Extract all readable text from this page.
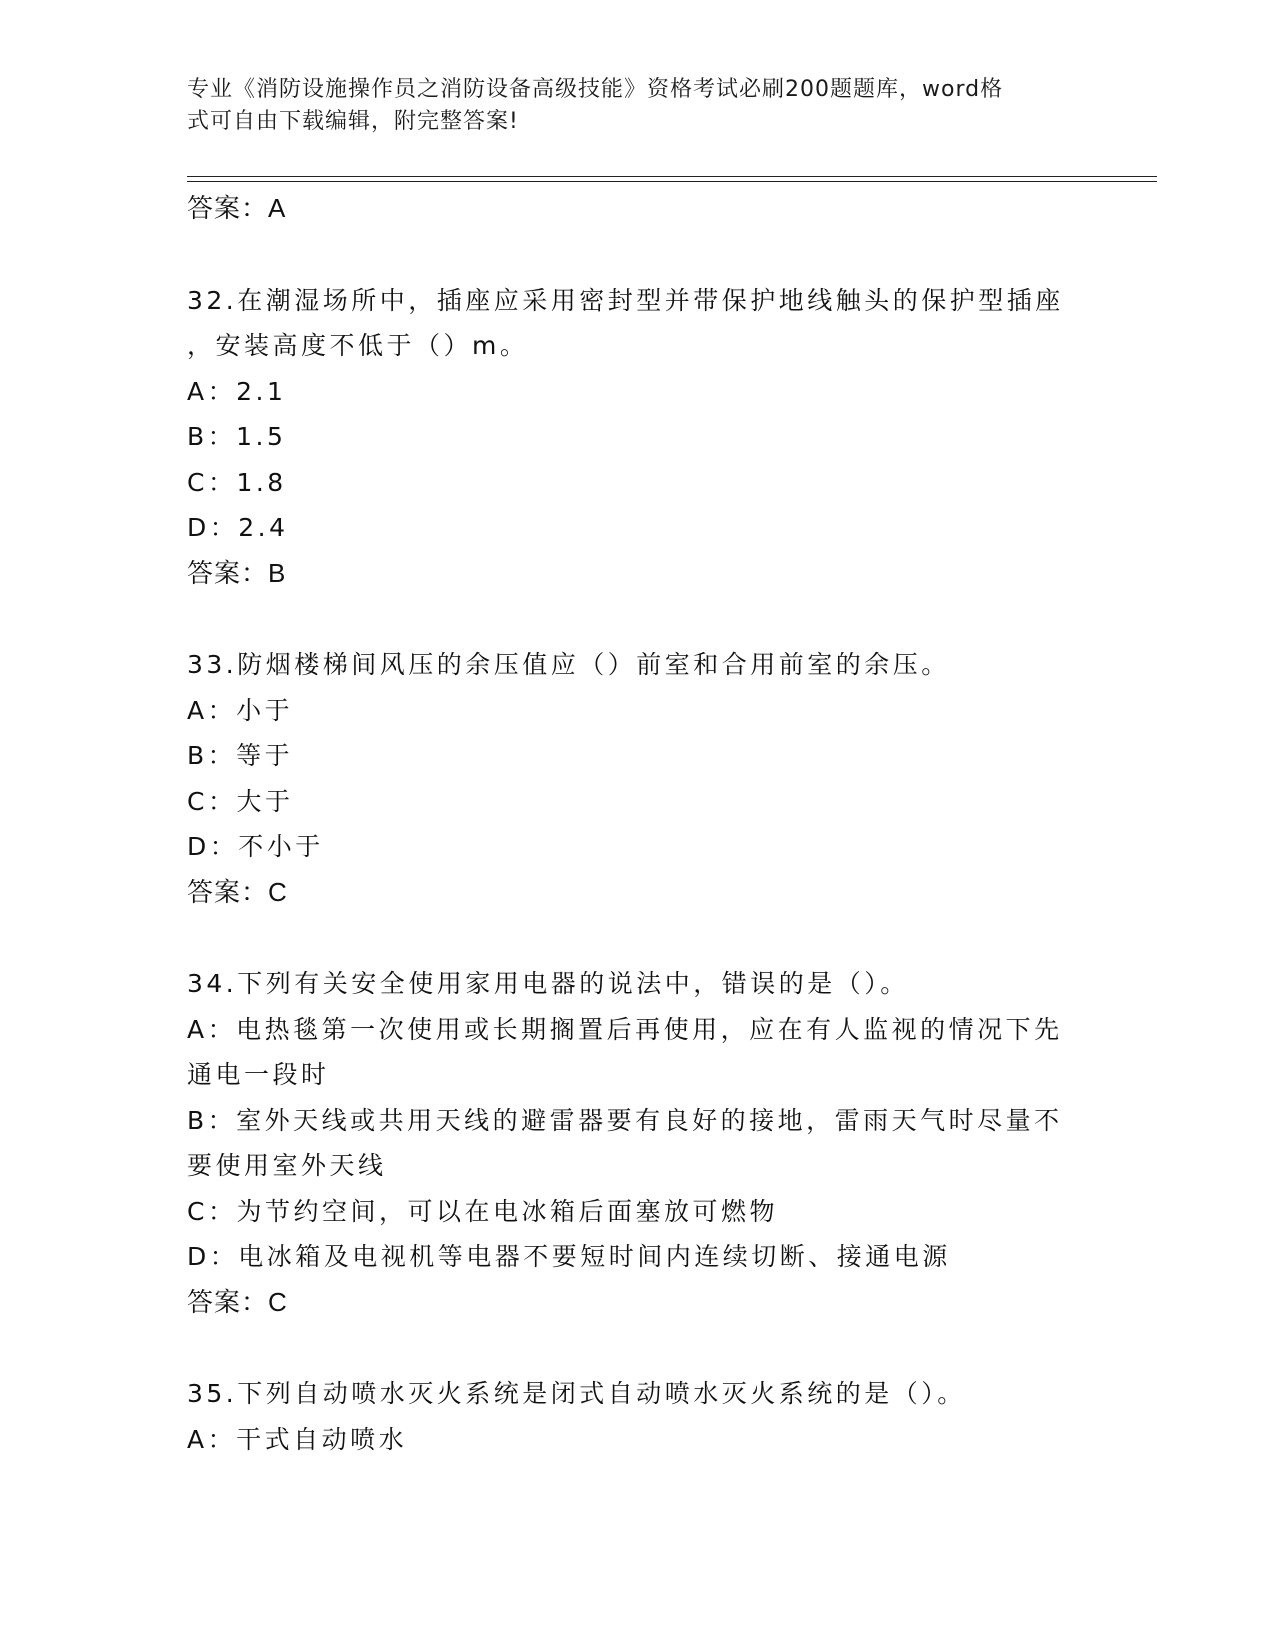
专业《消防设施操作员之消防设备高级技能》资格考试必刷200题题库，word格
式可自由下载编辑，附完整答案!
答案：A
32.在潮湿场所中，插座应采用密封型并带保护地线触头的保护型插座
，安装高度不低于（）m。
A：2.1
B：1.5
C：1.8
D：2.4
答案：B
33.防烟楼梯间风压的余压值应（）前室和合用前室的余压。
A：小于
B：等于
C：大于
D：不小于
答案：C
34.下列有关安全使用家用电器的说法中，错误的是（）。
A：电热毯第一次使用或长期搁置后再使用，应在有人监视的情况下先
通电一段时
B：室外天线或共用天线的避雷器要有良好的接地，雷雨天气时尽量不
要使用室外天线
C：为节约空间，可以在电冰箱后面塞放可燃物
D：电冰箱及电视机等电器不要短时间内连续切断、接通电源
答案：C
35.下列自动喷水灭火系统是闭式自动喷水灭火系统的是（）。
A：干式自动喷水
